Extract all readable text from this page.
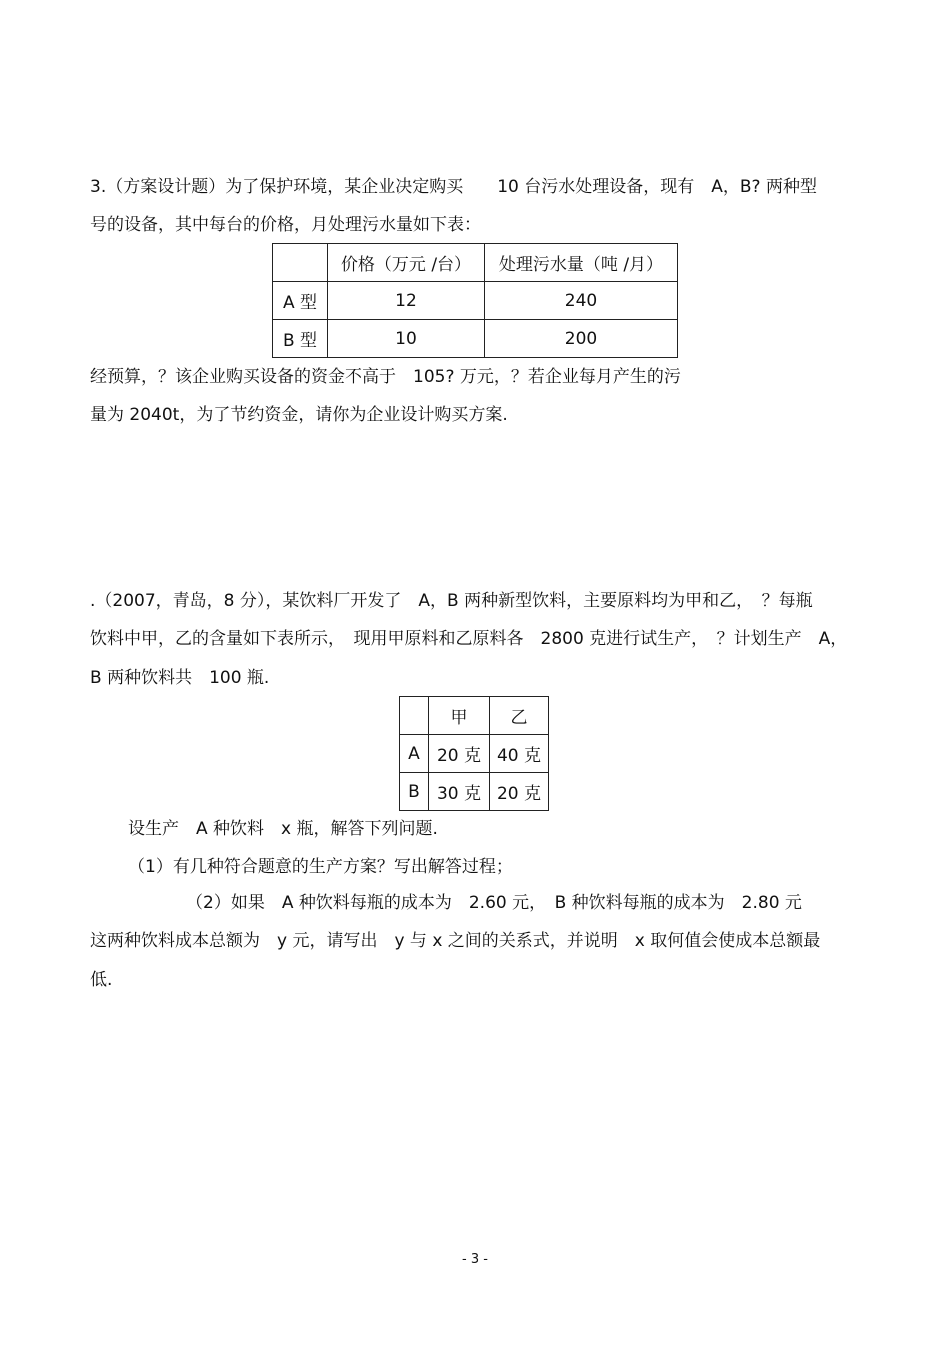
3.（方案设计题）为了保护环境，某企业决定购买　　10 台污水处理设备，现有　A，B? 两种型
号的设备，其中每台的价格，月处理污水量如下表：
	价格（万元 /台）	处理污水量（吨 /月）
A 型	12	240
B 型	10	200
经预算，？该企业购买设备的资金不高于　105? 万元，？若企业每月产生的污
量为 2040t，为了节约资金，请你为企业设计购买方案.
.（2007，青岛，8 分），某饮料厂开发了　A，B 两种新型饮料，主要原料均为甲和乙，　？每瓶
饮料中甲，乙的含量如下表所示，　现用甲原料和乙原料各　2800 克进行试生产，　？计划生产　A，
B 两种饮料共　100 瓶.
	甲	乙
A	20 克	40 克
B	30 克	20 克
设生产　A 种饮料　x 瓶，解答下列问题.
（1）有几种符合题意的生产方案？写出解答过程；
（2）如果　A 种饮料每瓶的成本为　2.60 元，　B 种饮料每瓶的成本为　2.80 元
这两种饮料成本总额为　y 元，请写出　y 与 x 之间的关系式，并说明　x 取何值会使成本总额最
低.
- 3 -
